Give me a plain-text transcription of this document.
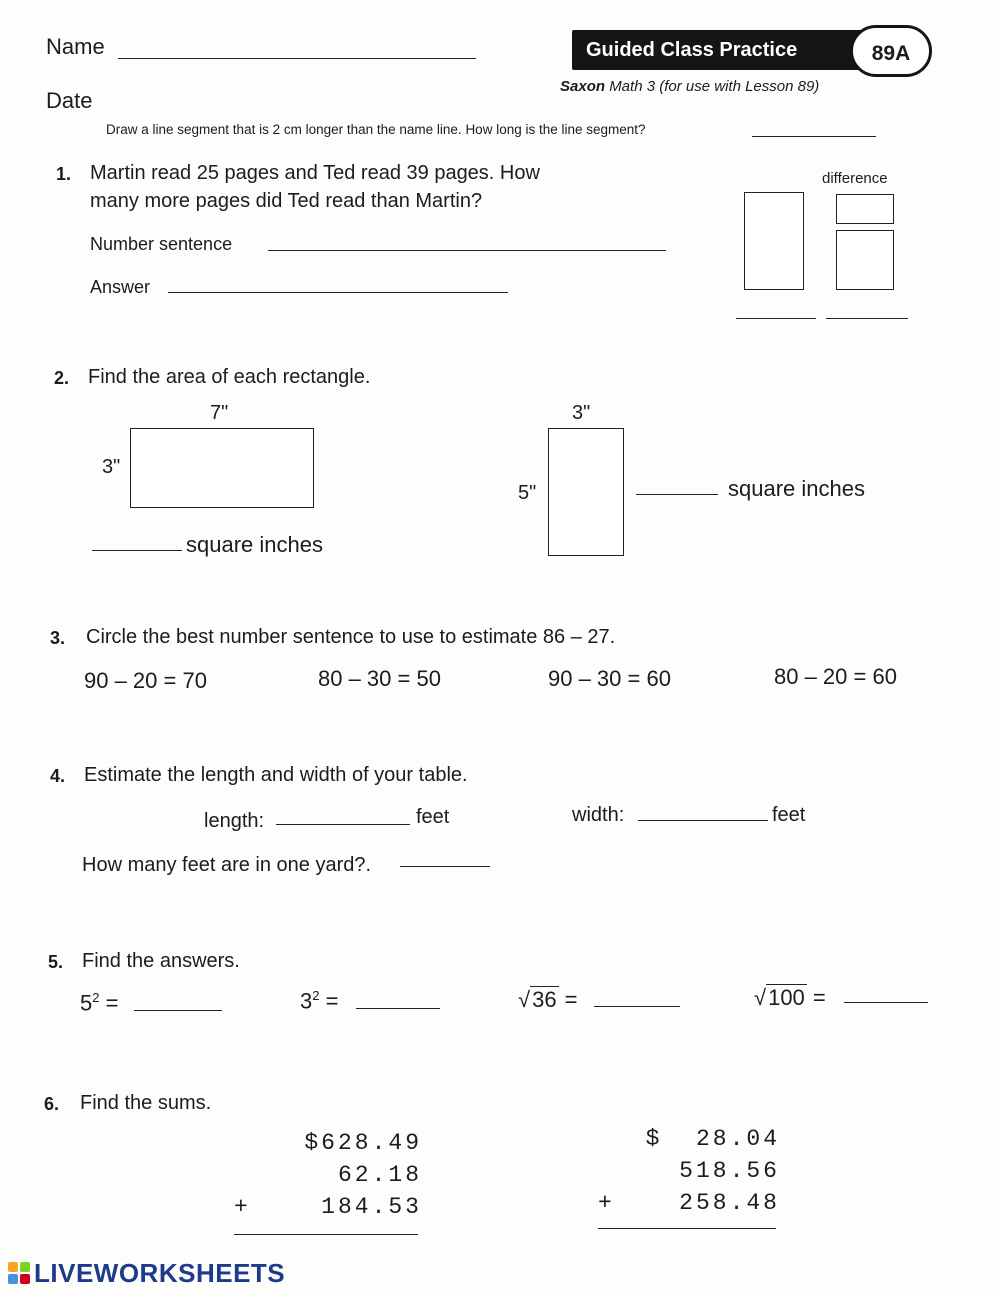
Name
Date
Guided Class Practice	89A
Saxon Math 3 (for use with Lesson 89)
Draw a line segment that is 2 cm longer than the name line. How long is the line segment?
1. Martin read 25 pages and Ted read 39 pages. How
many more pages did Ted read than Martin?
Number sentence
Answer
difference
2. Find the area of each rectangle.
7"
3"
square inches
3"
5"	square inches
3. Circle the best number sentence to use to estimate 86 – 27.
90 – 20 = 70	80 – 30 = 50	90 – 30 = 60	80 – 20 = 60
4. Estimate the length and width of your table.
length:	feet	width:	feet
How many feet are in one yard?.
5. Find the answers.
$5^2$ =	$3^2$ =	√36 =	√100 =
6. Find the sums.
$628.49
62.18
+	184.53
$  28.04
518.56
+	258.48
LIVEWORKSHEETS
